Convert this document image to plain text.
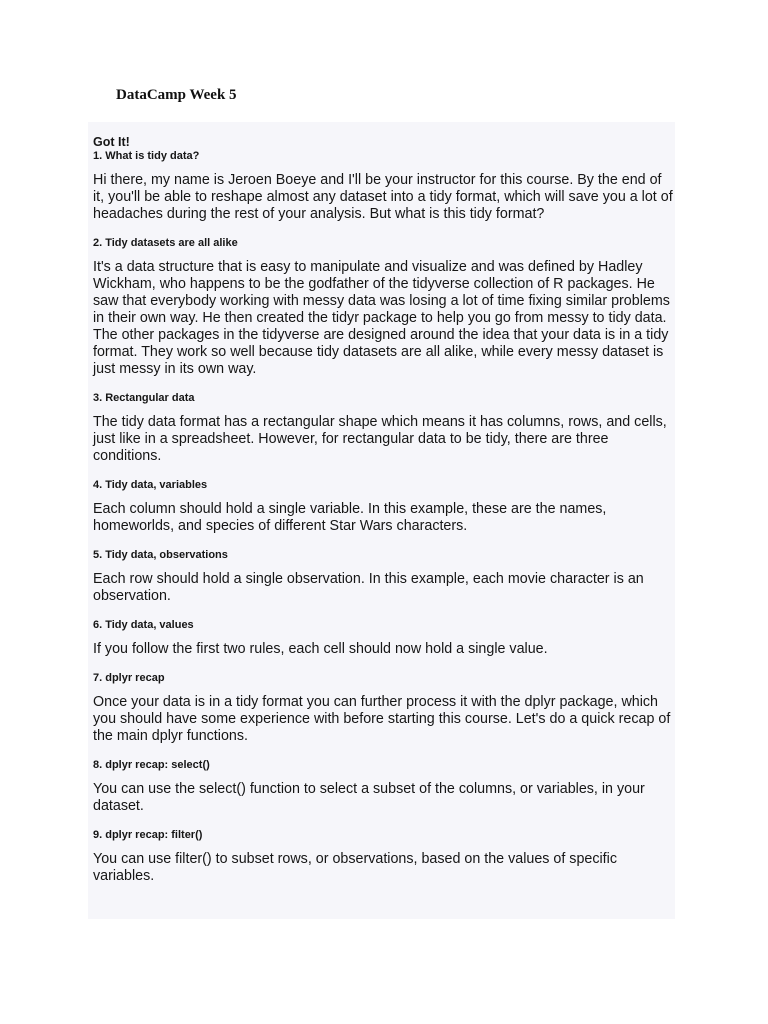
DataCamp Week 5

Got It!

1. What is tidy data?

Hi there, my name is Jeroen Boeye and I'll be your instructor for this course. By the end of it, you'll be able to reshape almost any dataset into a tidy format, which will save you a lot of headaches during the rest of your analysis. But what is this tidy format?

2. Tidy datasets are all alike

It's a data structure that is easy to manipulate and visualize and was defined by Hadley Wickham, who happens to be the godfather of the tidyverse collection of R packages. He saw that everybody working with messy data was losing a lot of time fixing similar problems in their own way. He then created the tidyr package to help you go from messy to tidy data. The other packages in the tidyverse are designed around the idea that your data is in a tidy format. They work so well because tidy datasets are all alike, while every messy dataset is just messy in its own way.

3. Rectangular data

The tidy data format has a rectangular shape which means it has columns, rows, and cells, just like in a spreadsheet. However, for rectangular data to be tidy, there are three conditions.

4. Tidy data, variables

Each column should hold a single variable. In this example, these are the names, homeworlds, and species of different Star Wars characters.

5. Tidy data, observations

Each row should hold a single observation. In this example, each movie character is an observation.

6. Tidy data, values

If you follow the first two rules, each cell should now hold a single value.

7. dplyr recap

Once your data is in a tidy format you can further process it with the dplyr package, which you should have some experience with before starting this course. Let's do a quick recap of the main dplyr functions.

8. dplyr recap: select()

You can use the select() function to select a subset of the columns, or variables, in your dataset.

9. dplyr recap: filter()

You can use filter() to subset rows, or observations, based on the values of specific variables.
